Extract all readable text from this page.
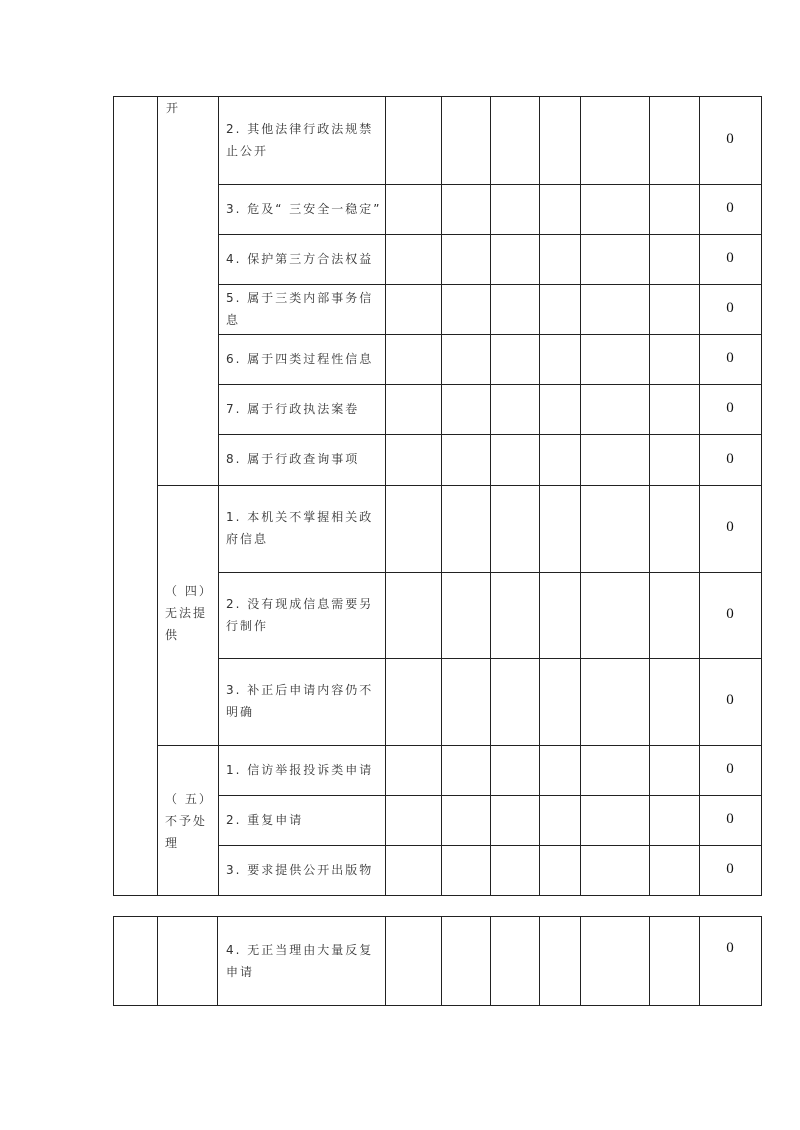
开
（ 四）无法提供
（ 五）不予处理
2. 其他法律行政法规禁止公开
3. 危及“ 三安全一稳定”
4. 保护第三方合法权益
5. 属于三类内部事务信息
6. 属于四类过程性信息
7. 属于行政执法案卷
8. 属于行政查询事项
1. 本机关不掌握相关政府信息
2. 没有现成信息需要另行制作
3. 补正后申请内容仍不明确
1. 信访举报投诉类申请
2. 重复申请
3. 要求提供公开出版物
0
0
0
0
0
0
0
0
0
0
0
0
0
4. 无正当理由大量反复申请
0
